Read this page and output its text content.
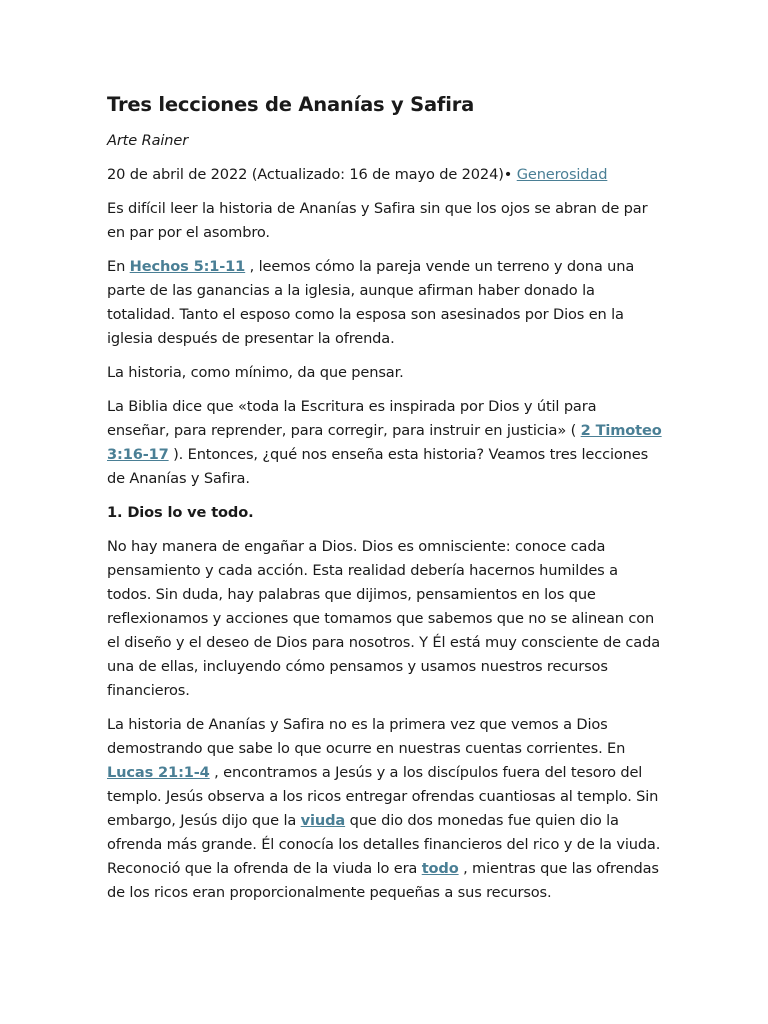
Tres lecciones de Ananías y Safira

Arte Rainer

20 de abril de 2022 (Actualizado: 16 de mayo de 2024)• Generosidad

Es difícil leer la historia de Ananías y Safira sin que los ojos se abran de par en par por el asombro.

En Hechos 5:1-11 , leemos cómo la pareja vende un terreno y dona una parte de las ganancias a la iglesia, aunque afirman haber donado la totalidad. Tanto el esposo como la esposa son asesinados por Dios en la iglesia después de presentar la ofrenda.

La historia, como mínimo, da que pensar.

La Biblia dice que «toda la Escritura es inspirada por Dios y útil para enseñar, para reprender, para corregir, para instruir en justicia» ( 2 Timoteo 3:16-17 ). Entonces, ¿qué nos enseña esta historia? Veamos tres lecciones de Ananías y Safira.

1. Dios lo ve todo.

No hay manera de engañar a Dios. Dios es omnisciente: conoce cada pensamiento y cada acción. Esta realidad debería hacernos humildes a todos. Sin duda, hay palabras que dijimos, pensamientos en los que reflexionamos y acciones que tomamos que sabemos que no se alinean con el diseño y el deseo de Dios para nosotros. Y Él está muy consciente de cada una de ellas, incluyendo cómo pensamos y usamos nuestros recursos financieros.

La historia de Ananías y Safira no es la primera vez que vemos a Dios demostrando que sabe lo que ocurre en nuestras cuentas corrientes. En Lucas 21:1-4 , encontramos a Jesús y a los discípulos fuera del tesoro del templo. Jesús observa a los ricos entregar ofrendas cuantiosas al templo. Sin embargo, Jesús dijo que la viuda que dio dos monedas fue quien dio la ofrenda más grande. Él conocía los detalles financieros del rico y de la viuda. Reconoció que la ofrenda de la viuda lo era todo , mientras que las ofrendas de los ricos eran proporcionalmente pequeñas a sus recursos.
